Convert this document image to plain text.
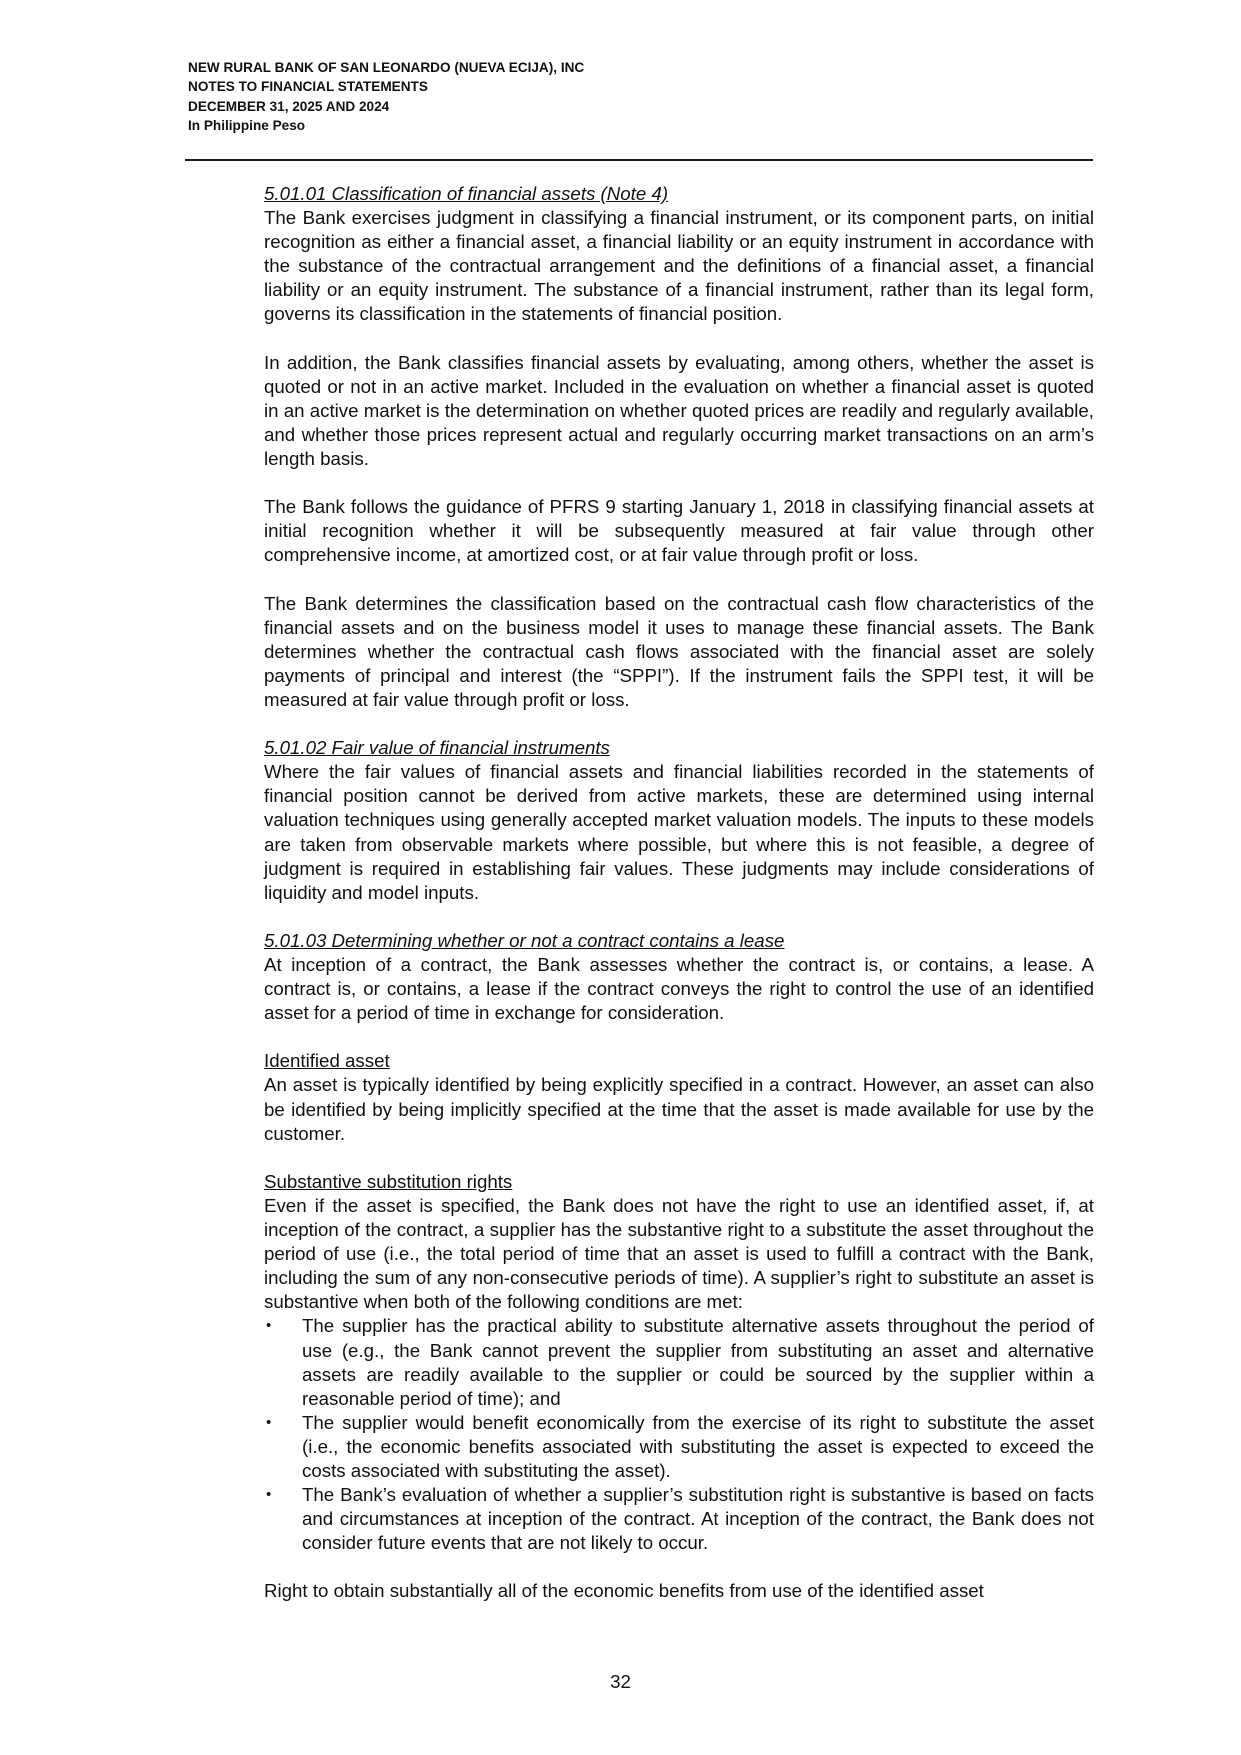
NEW RURAL BANK OF SAN LEONARDO (NUEVA ECIJA), INC
NOTES TO FINANCIAL STATEMENTS
DECEMBER 31, 2025 AND 2024
In Philippine Peso

5.01.01 Classification of financial assets (Note 4)
The Bank exercises judgment in classifying a financial instrument, or its component parts, on initial recognition as either a financial asset, a financial liability or an equity instrument in accordance with the substance of the contractual arrangement and the definitions of a financial asset, a financial liability or an equity instrument. The substance of a financial instrument, rather than its legal form, governs its classification in the statements of financial position.

In addition, the Bank classifies financial assets by evaluating, among others, whether the asset is quoted or not in an active market. Included in the evaluation on whether a financial asset is quoted in an active market is the determination on whether quoted prices are readily and regularly available, and whether those prices represent actual and regularly occurring market transactions on an arm’s length basis.

The Bank follows the guidance of PFRS 9 starting January 1, 2018 in classifying financial assets at initial recognition whether it will be subsequently measured at fair value through other comprehensive income, at amortized cost, or at fair value through profit or loss.

The Bank determines the classification based on the contractual cash flow characteristics of the financial assets and on the business model it uses to manage these financial assets. The Bank determines whether the contractual cash flows associated with the financial asset are solely payments of principal and interest (the “SPPI”). If the instrument fails the SPPI test, it will be measured at fair value through profit or loss.

5.01.02 Fair value of financial instruments
Where the fair values of financial assets and financial liabilities recorded in the statements of financial position cannot be derived from active markets, these are determined using internal valuation techniques using generally accepted market valuation models. The inputs to these models are taken from observable markets where possible, but where this is not feasible, a degree of judgment is required in establishing fair values. These judgments may include considerations of liquidity and model inputs.

5.01.03 Determining whether or not a contract contains a lease
At inception of a contract, the Bank assesses whether the contract is, or contains, a lease. A contract is, or contains, a lease if the contract conveys the right to control the use of an identified asset for a period of time in exchange for consideration.

Identified asset
An asset is typically identified by being explicitly specified in a contract. However, an asset can also be identified by being implicitly specified at the time that the asset is made available for use by the customer.

Substantive substitution rights
Even if the asset is specified, the Bank does not have the right to use an identified asset, if, at inception of the contract, a supplier has the substantive right to a substitute the asset throughout the period of use (i.e., the total period of time that an asset is used to fulfill a contract with the Bank, including the sum of any non-consecutive periods of time). A supplier’s right to substitute an asset is substantive when both of the following conditions are met:

• The supplier has the practical ability to substitute alternative assets throughout the period of use (e.g., the Bank cannot prevent the supplier from substituting an asset and alternative assets are readily available to the supplier or could be sourced by the supplier within a reasonable period of time); and
• The supplier would benefit economically from the exercise of its right to substitute the asset (i.e., the economic benefits associated with substituting the asset is expected to exceed the costs associated with substituting the asset).
• The Bank’s evaluation of whether a supplier’s substitution right is substantive is based on facts and circumstances at inception of the contract. At inception of the contract, the Bank does not consider future events that are not likely to occur.

Right to obtain substantially all of the economic benefits from use of the identified asset

32
